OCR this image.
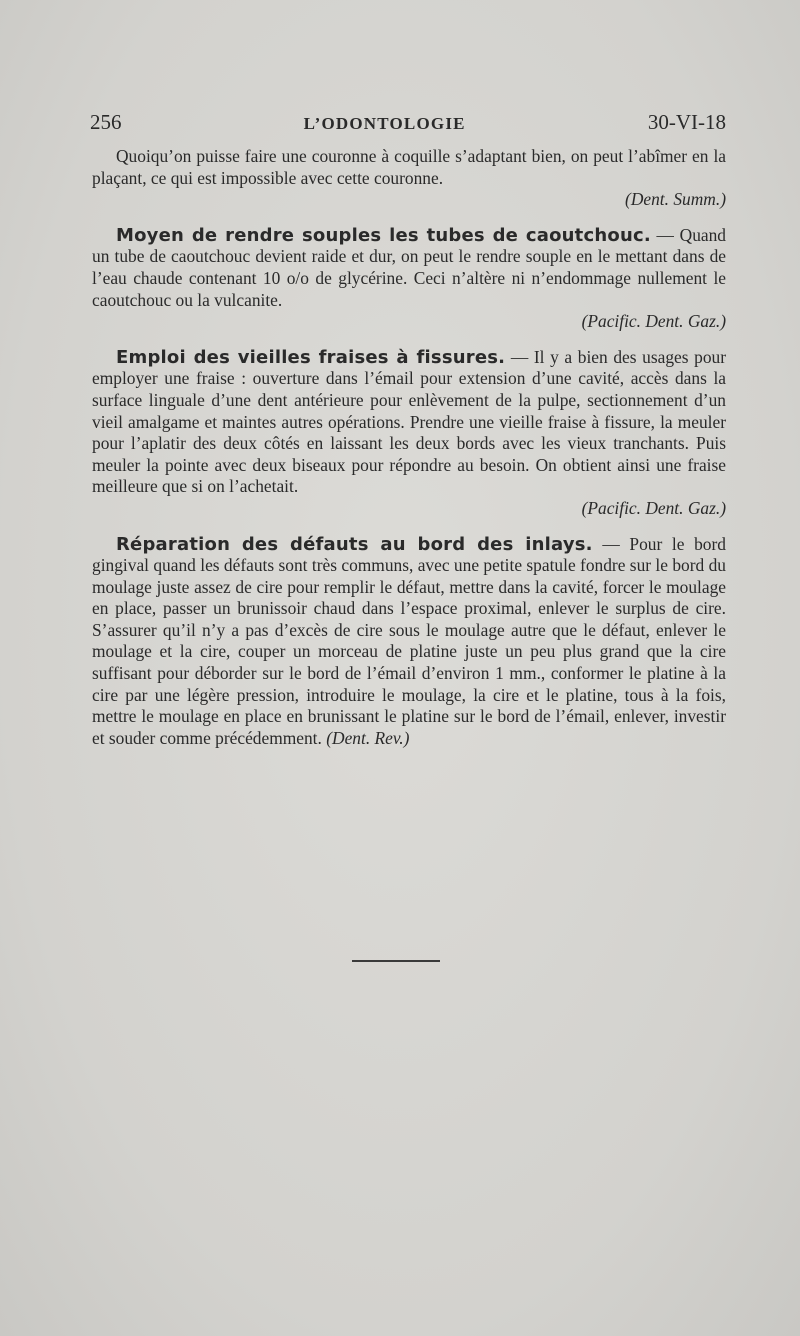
256	L’ODONTOLOGIE	30-VI-18

Quoiqu’on puisse faire une couronne à coquille s’adaptant bien, on peut l’abîmer en la plaçant, ce qui est impossible avec cette couronne.
(Dent. Summ.)

Moyen de rendre souples les tubes de caoutchouc. — Quand un tube de caoutchouc devient raide et dur, on peut le rendre souple en le mettant dans de l’eau chaude contenant 10 o/o de glycérine. Ceci n’altère ni n’endommage nullement le caoutchouc ou la vulcanite.
(Pacific. Dent. Gaz.)

Emploi des vieilles fraises à fissures. — Il y a bien des usages pour employer une fraise : ouverture dans l’émail pour extension d’une cavité, accès dans la surface linguale d’une dent antérieure pour enlèvement de la pulpe, sectionnement d’un vieil amalgame et maintes autres opérations. Prendre une vieille fraise à fissure, la meuler pour l’aplatir des deux côtés en laissant les deux bords avec les vieux tranchants. Puis meuler la pointe avec deux biseaux pour répondre au besoin. On obtient ainsi une fraise meilleure que si on l’achetait.
(Pacific. Dent. Gaz.)

Réparation des défauts au bord des inlays. — Pour le bord gingival quand les défauts sont très communs, avec une petite spatule fondre sur le bord du moulage juste assez de cire pour remplir le défaut, mettre dans la cavité, forcer le moulage en place, passer un brunissoir chaud dans l’espace proximal, enlever le surplus de cire. S’assurer qu’il n’y a pas d’excès de cire sous le moulage autre que le défaut, enlever le moulage et la cire, couper un morceau de platine juste un peu plus grand que la cire suffisant pour déborder sur le bord de l’émail d’environ 1 mm., conformer le platine à la cire par une légère pression, introduire le moulage, la cire et le platine, tous à la fois, mettre le moulage en place en brunissant le platine sur le bord de l’émail, enlever, investir et souder comme précédemment. (Dent. Rev.)
